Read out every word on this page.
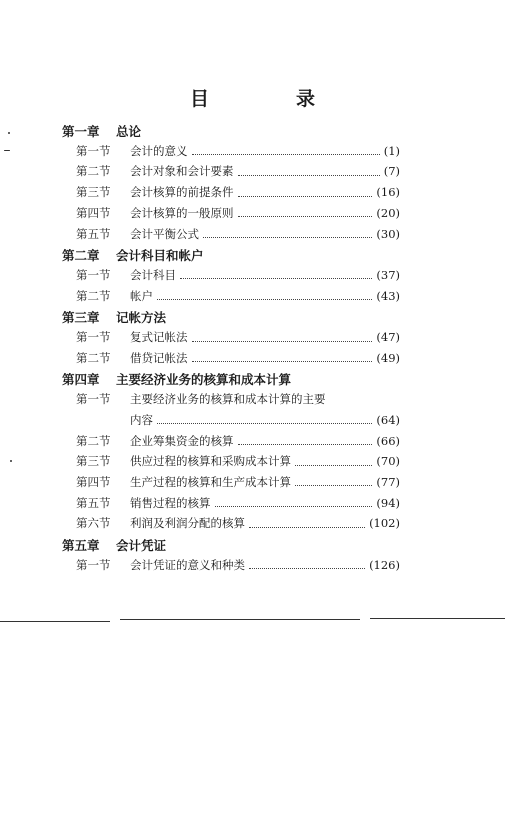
目　录
第一章 总论
第一节	会计的意义	(1)
第二节	会计对象和会计要素	(7)
第三节	会计核算的前提条件	(16)
第四节	会计核算的一般原则	(20)
第五节	会计平衡公式	(30)
第二章 会计科目和帐户
第一节	会计科目	(37)
第二节	帐户	(43)
第三章 记帐方法
第一节	复式记帐法	(47)
第二节	借贷记帐法	(49)
第四章 主要经济业务的核算和成本计算
第一节	主要经济业务的核算和成本计算的主要
内容	(64)
第二节	企业筹集资金的核算	(66)
第三节	供应过程的核算和采购成本计算	(70)
第四节	生产过程的核算和生产成本计算	(77)
第五节	销售过程的核算	(94)
第六节	利润及利润分配的核算	(102)
第五章 会计凭证
第一节	会计凭证的意义和种类	(126)
